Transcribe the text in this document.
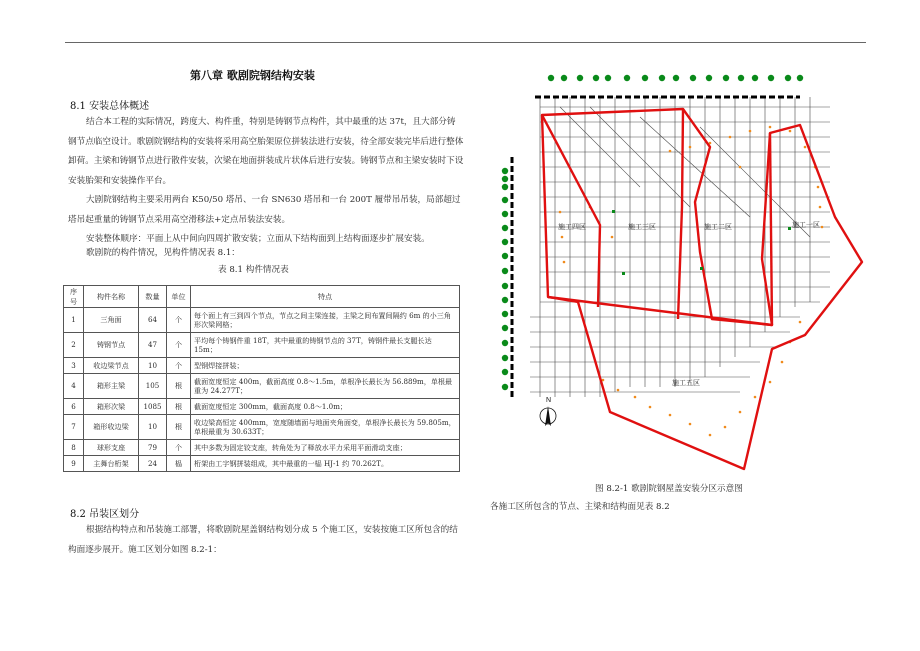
第八章 歌剧院钢结构安装
8.1 安装总体概述
结合本工程的实际情况，跨度大、构件重，特别是铸钢节点构件，其中最重的达 37t，且大部分铸钢节点临空设计。歌剧院钢结构的安装将采用高空胎架原位拼装法进行安装，待全部安装完毕后进行整体卸荷。主梁和铸钢节点进行散件安装，次梁在地面拼装成片状体后进行安装。铸钢节点和主梁安装时下设安装胎架和安装操作平台。
大剧院钢结构主要采用两台 K50/50 塔吊、一台 SN630 塔吊和一台 200T 履带吊吊装，局部超过塔吊起重量的铸钢节点采用高空滑移法+定点吊装法安装。
安装整体顺序：平面上从中间向四周扩散安装；立面从下结构面到上结构面逐步扩展安装。
歌剧院的构件情况，见构件情况表 8.1：
表 8.1 构件情况表
序号	构件名称	数量	单位	特点
1	三角面	64	个	每个面上有三到四个节点，节点之间主梁连接，主梁之间布置间隔约 6m 的小三角形次梁网格；
2	铸钢节点	47	个	平均每个铸钢件重 18T，其中最重的铸钢节点的 37T，铸钢件最长支腿长达 15m；
3	收边梁节点	10	个	型钢焊接拼装；
4	箱形主梁	105	根	截面宽度恒定 400m，截面高度 0.8～1.5m，单根净长最长为 56.889m，单根最重为 24.277T；
6	箱形次梁	1085	根	截面宽度恒定 300mm，截面高度 0.8～1.0m；
7	箱形收边梁	10	根	收边梁高恒定 400mm，宽度随墙面与地面夹角面变，单根净长最长为 59.805m，单根最重为 30.633T；
8	球形支座	79	个	其中多数为固定铰支座，转角处为了释放水平力采用平面滑动支座；
9	主舞台桁架	24	榀	桁架由工字钢拼装组成，其中最重的一榀 HJ-1 约 70.262T。
8.2 吊装区划分
根据结构特点和吊装施工部署，将歌剧院屋盖钢结构划分成 5 个施工区，安装按施工区所包含的结构面逐步展开。施工区划分如图 8.2-1：
施工四区	施工三区	施工二区	施工一区
施工五区
N
图 8.2-1 歌剧院钢屋盖安装分区示意图
各施工区所包含的节点、主梁和结构面见表 8.2
